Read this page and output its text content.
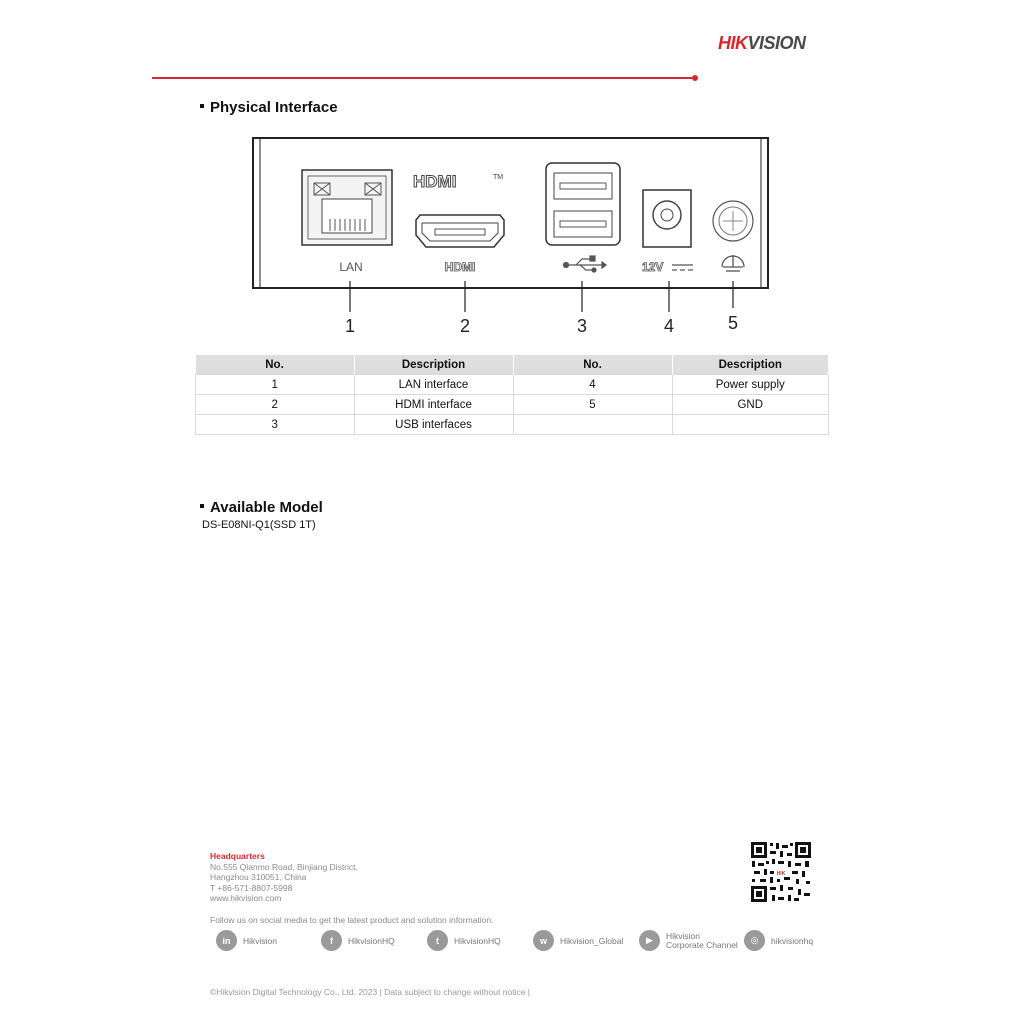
HIKVISION
Physical Interface
LAN
HDMI	TM
HDMI	12V
1	2	3	4	5
No.	Description	No.	Description
1	LAN interface	4	Power supply
2	HDMI interface	5	GND
3	USB interfaces		
Available Model
DS-E08NI-Q1(SSD 1T)
Headquarters
No.555 Qianmo Road, Binjiang District,
Hangzhou 310051, China
T +86-571-8807-5998
www.hikvision.com
HIK
Follow us on social media to get the latest product and solution information.
in	Hikvision	f	HikvisionHQ	t	HikvisionHQ	w	Hikvision_Global	▶	Hikvision
Corporate Channel	◎	hikvisionhq
©Hikvision Digital Technology Co., Ltd. 2023 | Data subject to change without notice |
